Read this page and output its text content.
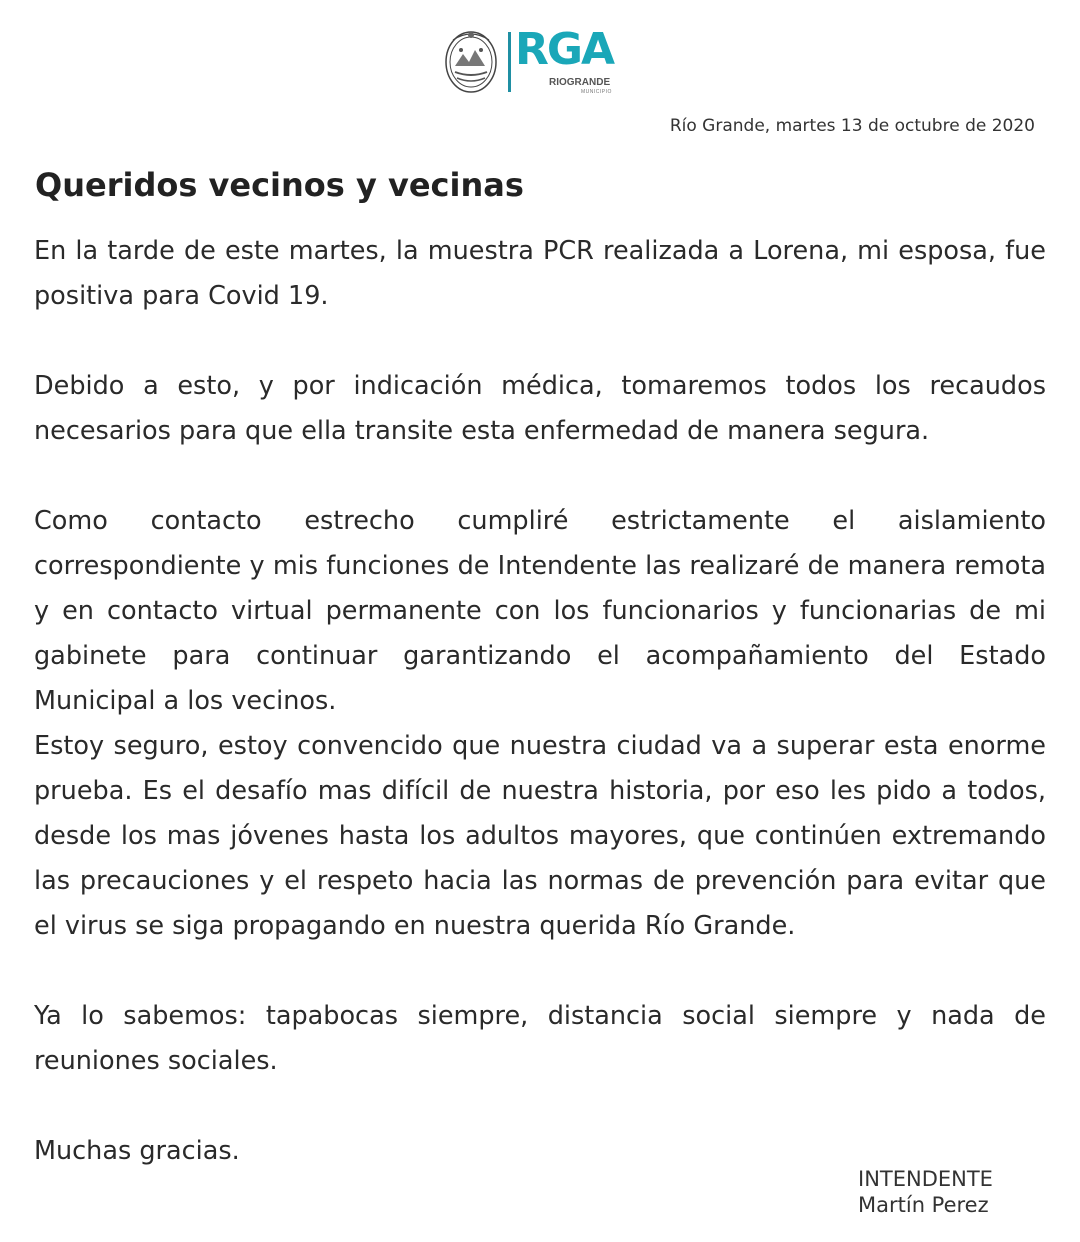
RGA
RIOGRANDE
MUNICIPIO
Río Grande, martes 13 de octubre de 2020
Queridos vecinos y vecinas

En la tarde de este martes, la muestra PCR realizada a Lorena, mi esposa, fue positiva para Covid 19.

Debido a esto, y por indicación médica, tomaremos todos los recaudos necesarios para que ella transite esta enfermedad de manera segura.

Como contacto estrecho cumpliré estrictamente el aislamiento correspondiente y mis funciones de Intendente las realizaré de manera remota y en contacto virtual permanente con los funcionarios y funcionarias de mi gabinete para continuar garantizando el acompañamiento del Estado Municipal a los vecinos.

Estoy seguro, estoy convencido que nuestra ciudad va a superar esta enorme prueba. Es el desafío mas difícil de nuestra historia, por eso les pido a todos, desde los mas jóvenes hasta los adultos mayores, que continúen extremando las precauciones y el respeto hacia las normas de prevención para evitar que el virus se siga propagando en nuestra querida Río Grande.

Ya lo sabemos: tapabocas siempre, distancia social siempre y nada de reuniones sociales.

Muchas gracias.

INTENDENTE
Martín Perez
